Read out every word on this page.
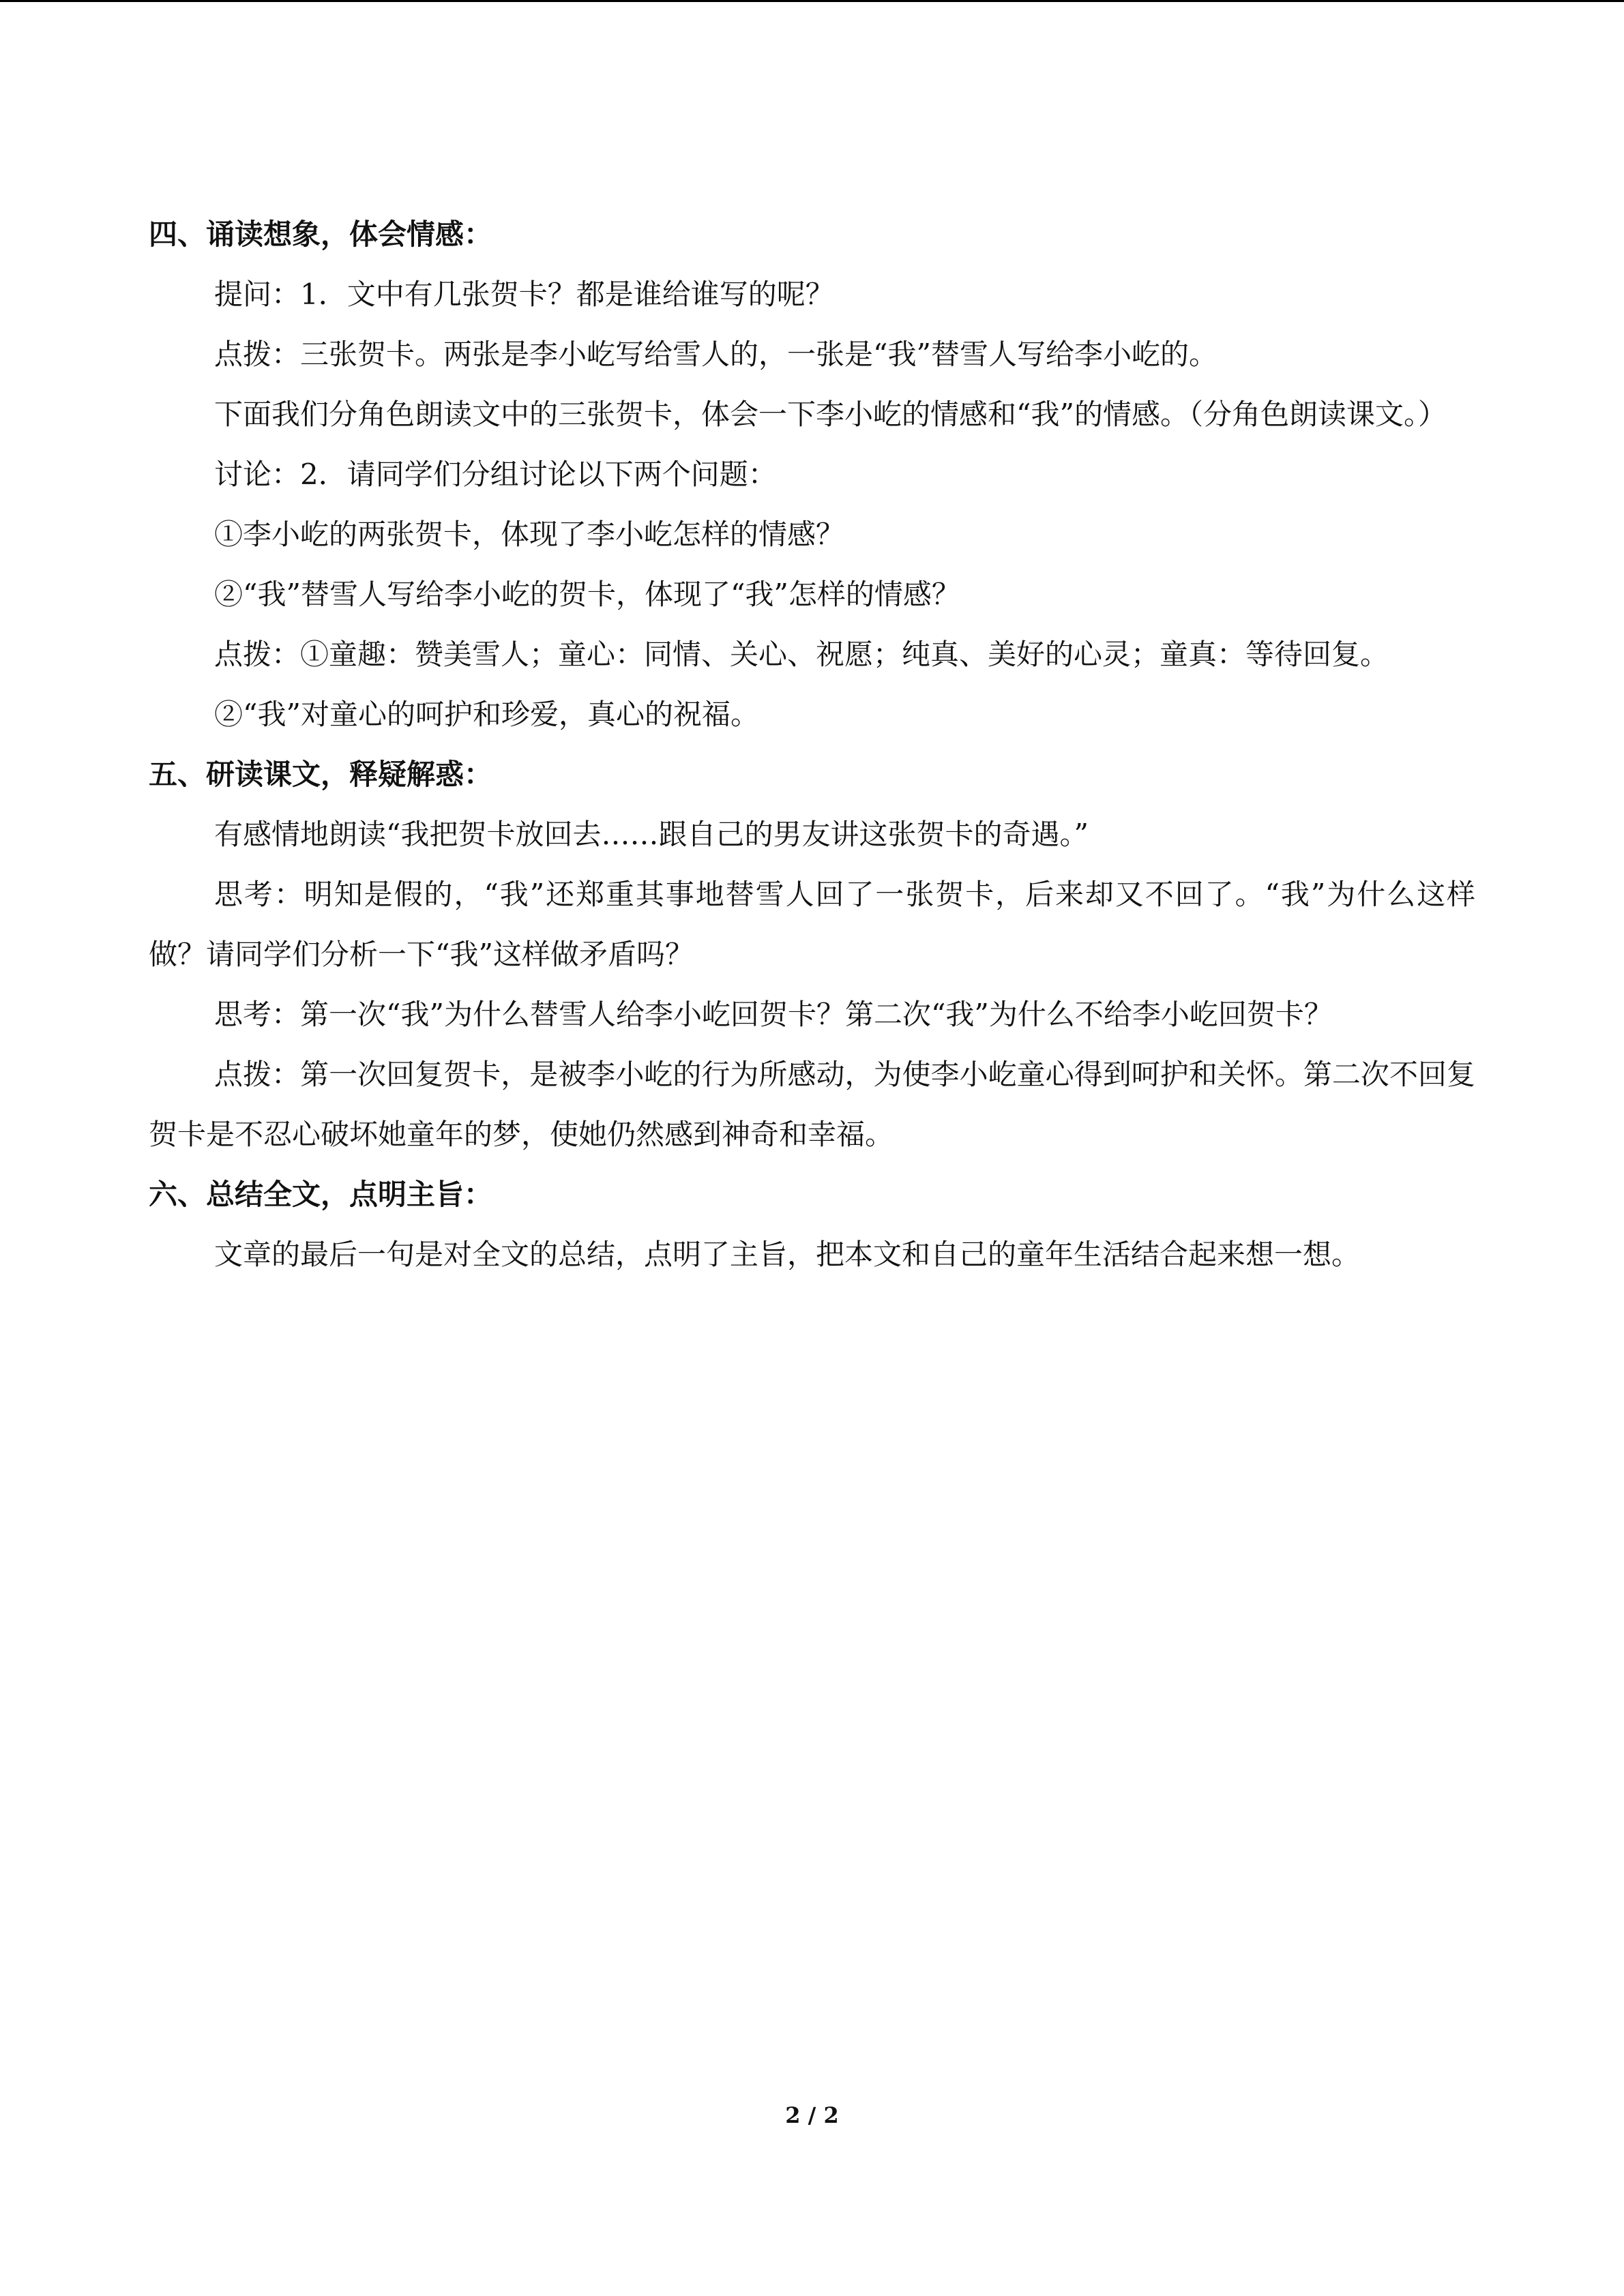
四、诵读想象，体会情感：

提问：1．文中有几张贺卡？都是谁给谁写的呢？

点拨：三张贺卡。两张是李小屹写给雪人的，一张是“我”替雪人写给李小屹的。

下面我们分角色朗读文中的三张贺卡，体会一下李小屹的情感和“我”的情感。（分角色朗读课文。）

讨论：2．请同学们分组讨论以下两个问题：

①李小屹的两张贺卡，体现了李小屹怎样的情感？

②“我”替雪人写给李小屹的贺卡，体现了“我”怎样的情感？

点拨：①童趣：赞美雪人；童心：同情、关心、祝愿；纯真、美好的心灵；童真：等待回复。

②“我”对童心的呵护和珍爱，真心的祝福。

五、研读课文，释疑解惑：

有感情地朗读“我把贺卡放回去……跟自己的男友讲这张贺卡的奇遇。”

思考：明知是假的，“我”还郑重其事地替雪人回了一张贺卡，后来却又不回了。“我”为什么这样做？请同学们分析一下“我”这样做矛盾吗？

思考：第一次“我”为什么替雪人给李小屹回贺卡？第二次“我”为什么不给李小屹回贺卡？

点拨：第一次回复贺卡，是被李小屹的行为所感动，为使李小屹童心得到呵护和关怀。第二次不回复贺卡是不忍心破坏她童年的梦，使她仍然感到神奇和幸福。

六、总结全文，点明主旨：

文章的最后一句是对全文的总结，点明了主旨，把本文和自己的童年生活结合起来想一想。

2 / 2
